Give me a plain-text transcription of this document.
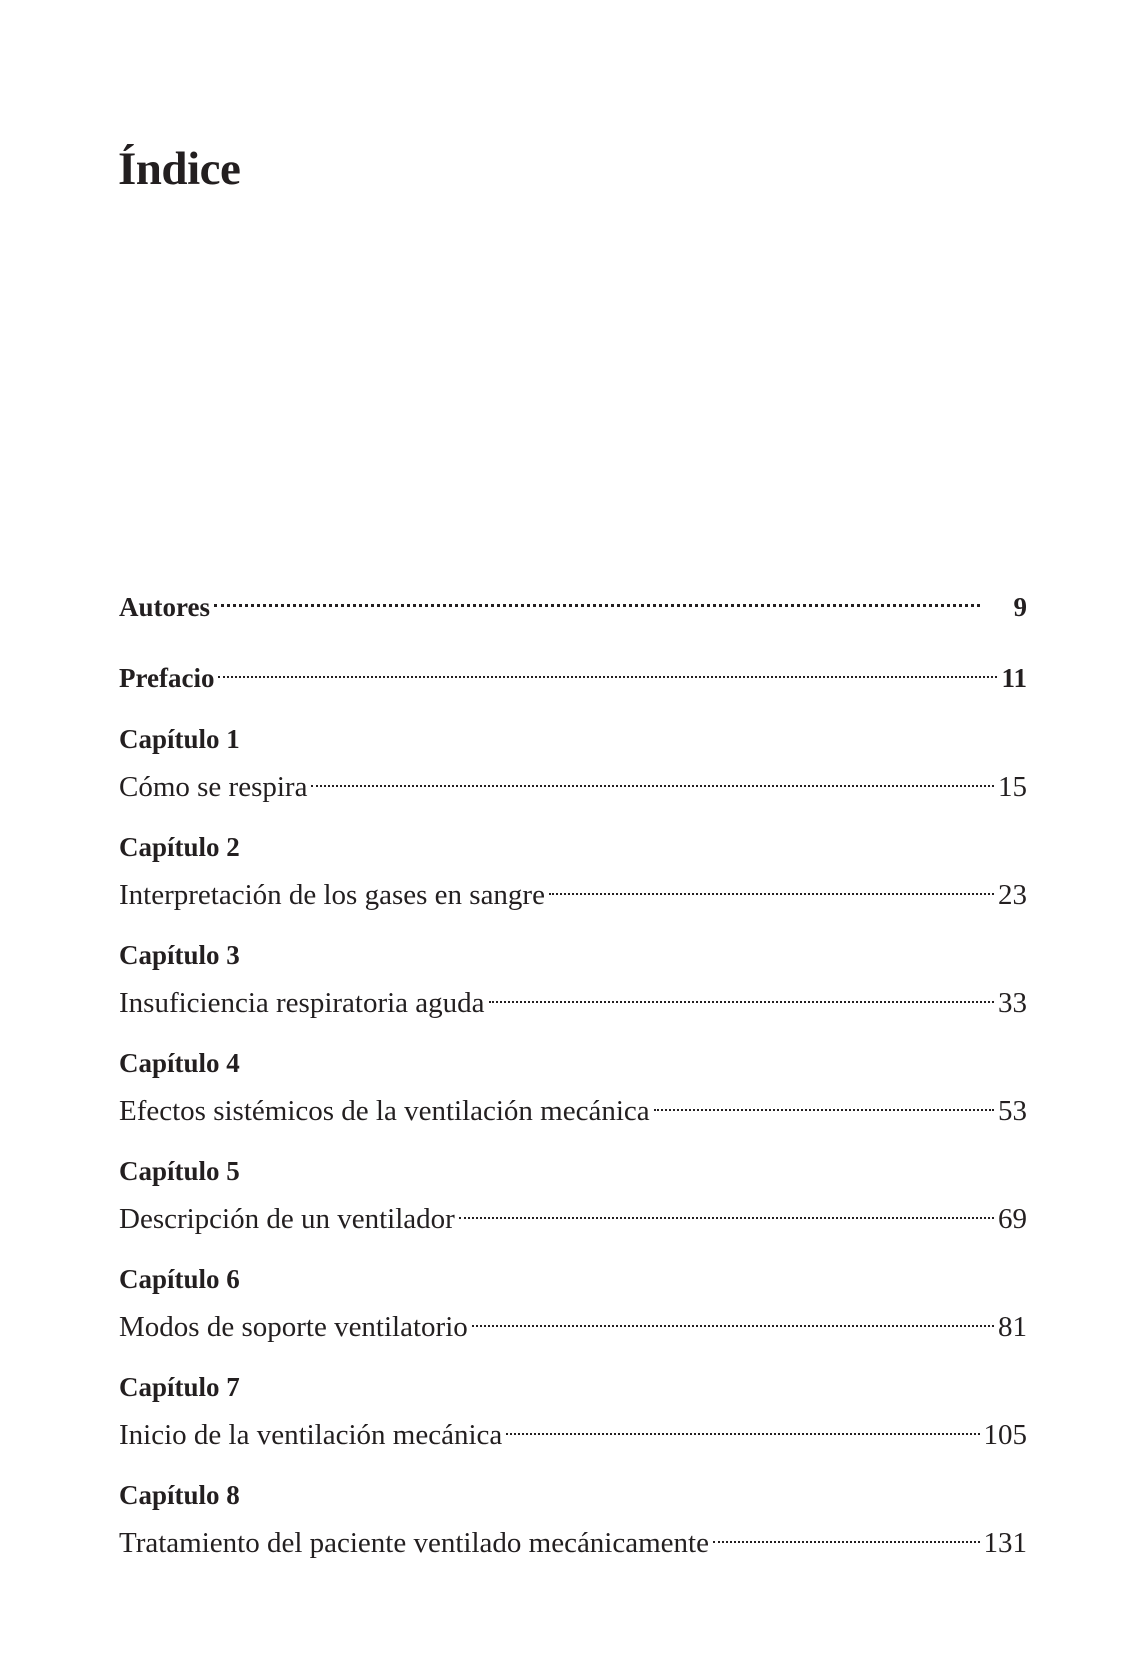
Índice
Autores	9
Prefacio	11
Capítulo 1
Cómo se respira	15
Capítulo 2
Interpretación de los gases en sangre	23
Capítulo 3
Insuficiencia respiratoria aguda	33
Capítulo 4
Efectos sistémicos de la ventilación mecánica	53
Capítulo 5
Descripción de un ventilador	69
Capítulo 6
Modos de soporte ventilatorio	81
Capítulo 7
Inicio de la ventilación mecánica	105
Capítulo 8
Tratamiento del paciente ventilado mecánicamente	131
